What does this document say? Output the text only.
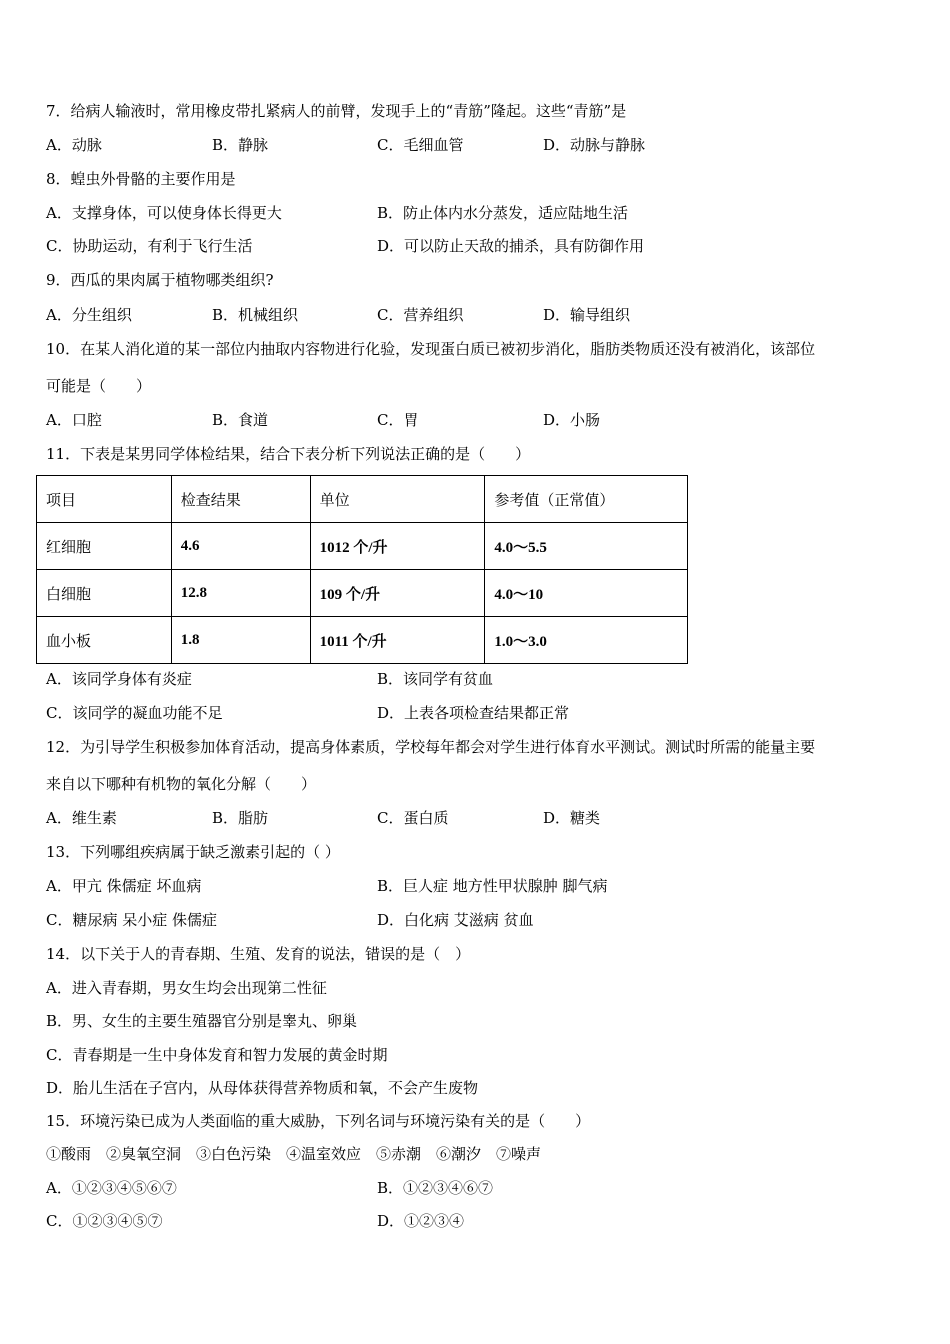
7．给病人输液时，常用橡皮带扎紧病人的前臂，发现手上的“青筋”隆起。这些“青筋”是
A．动脉	B．静脉	C．毛细血管	D．动脉与静脉
8．蝗虫外骨骼的主要作用是
A．支撑身体，可以使身体长得更大	B．防止体内水分蒸发，适应陆地生活
C．协助运动，有利于飞行生活	D．可以防止天敌的捕杀，具有防御作用
9．西瓜的果肉属于植物哪类组织?
A．分生组织	B．机械组织	C．营养组织	D．输导组织
10．在某人消化道的某一部位内抽取内容物进行化验，发现蛋白质已被初步消化，脂肪类物质还没有被消化，该部位
可能是（　　）
A．口腔	B．食道	C．胃	D．小肠
11．下表是某男同学体检结果，结合下表分析下列说法正确的是（　　）
项目	检查结果	单位	参考值（正常值）
红细胞	4.6	1012 个/升	4.0～5.5
白细胞	12.8	109 个/升	4.0～10
血小板	1.8	1011 个/升	1.0～3.0
A．该同学身体有炎症	B．该同学有贫血
C．该同学的凝血功能不足	D．上表各项检查结果都正常
12．为引导学生积极参加体育活动，提高身体素质，学校每年都会对学生进行体育水平测试。测试时所需的能量主要
来自以下哪种有机物的氧化分解（　　）
A．维生素	B．脂肪	C．蛋白质	D．糖类
13．下列哪组疾病属于缺乏激素引起的（ ）
A．甲亢 侏儒症 坏血病	B．巨人症 地方性甲状腺肿 脚气病
C．糖尿病 呆小症 侏儒症	D．白化病 艾滋病 贫血
14．以下关于人的青春期、生殖、发育的说法，错误的是（　）
A．进入青春期，男女生均会出现第二性征
B．男、女生的主要生殖器官分别是睾丸、卵巢
C．青春期是一生中身体发育和智力发展的黄金时期
D．胎儿生活在子宫内，从母体获得营养物质和氧，不会产生废物
15．环境污染已成为人类面临的重大威胁，下列名词与环境污染有关的是（　　）
①酸雨　②臭氧空洞　③白色污染　④温室效应　⑤赤潮　⑥潮汐　⑦噪声
A．①②③④⑤⑥⑦	B．①②③④⑥⑦
C．①②③④⑤⑦	D．①②③④
